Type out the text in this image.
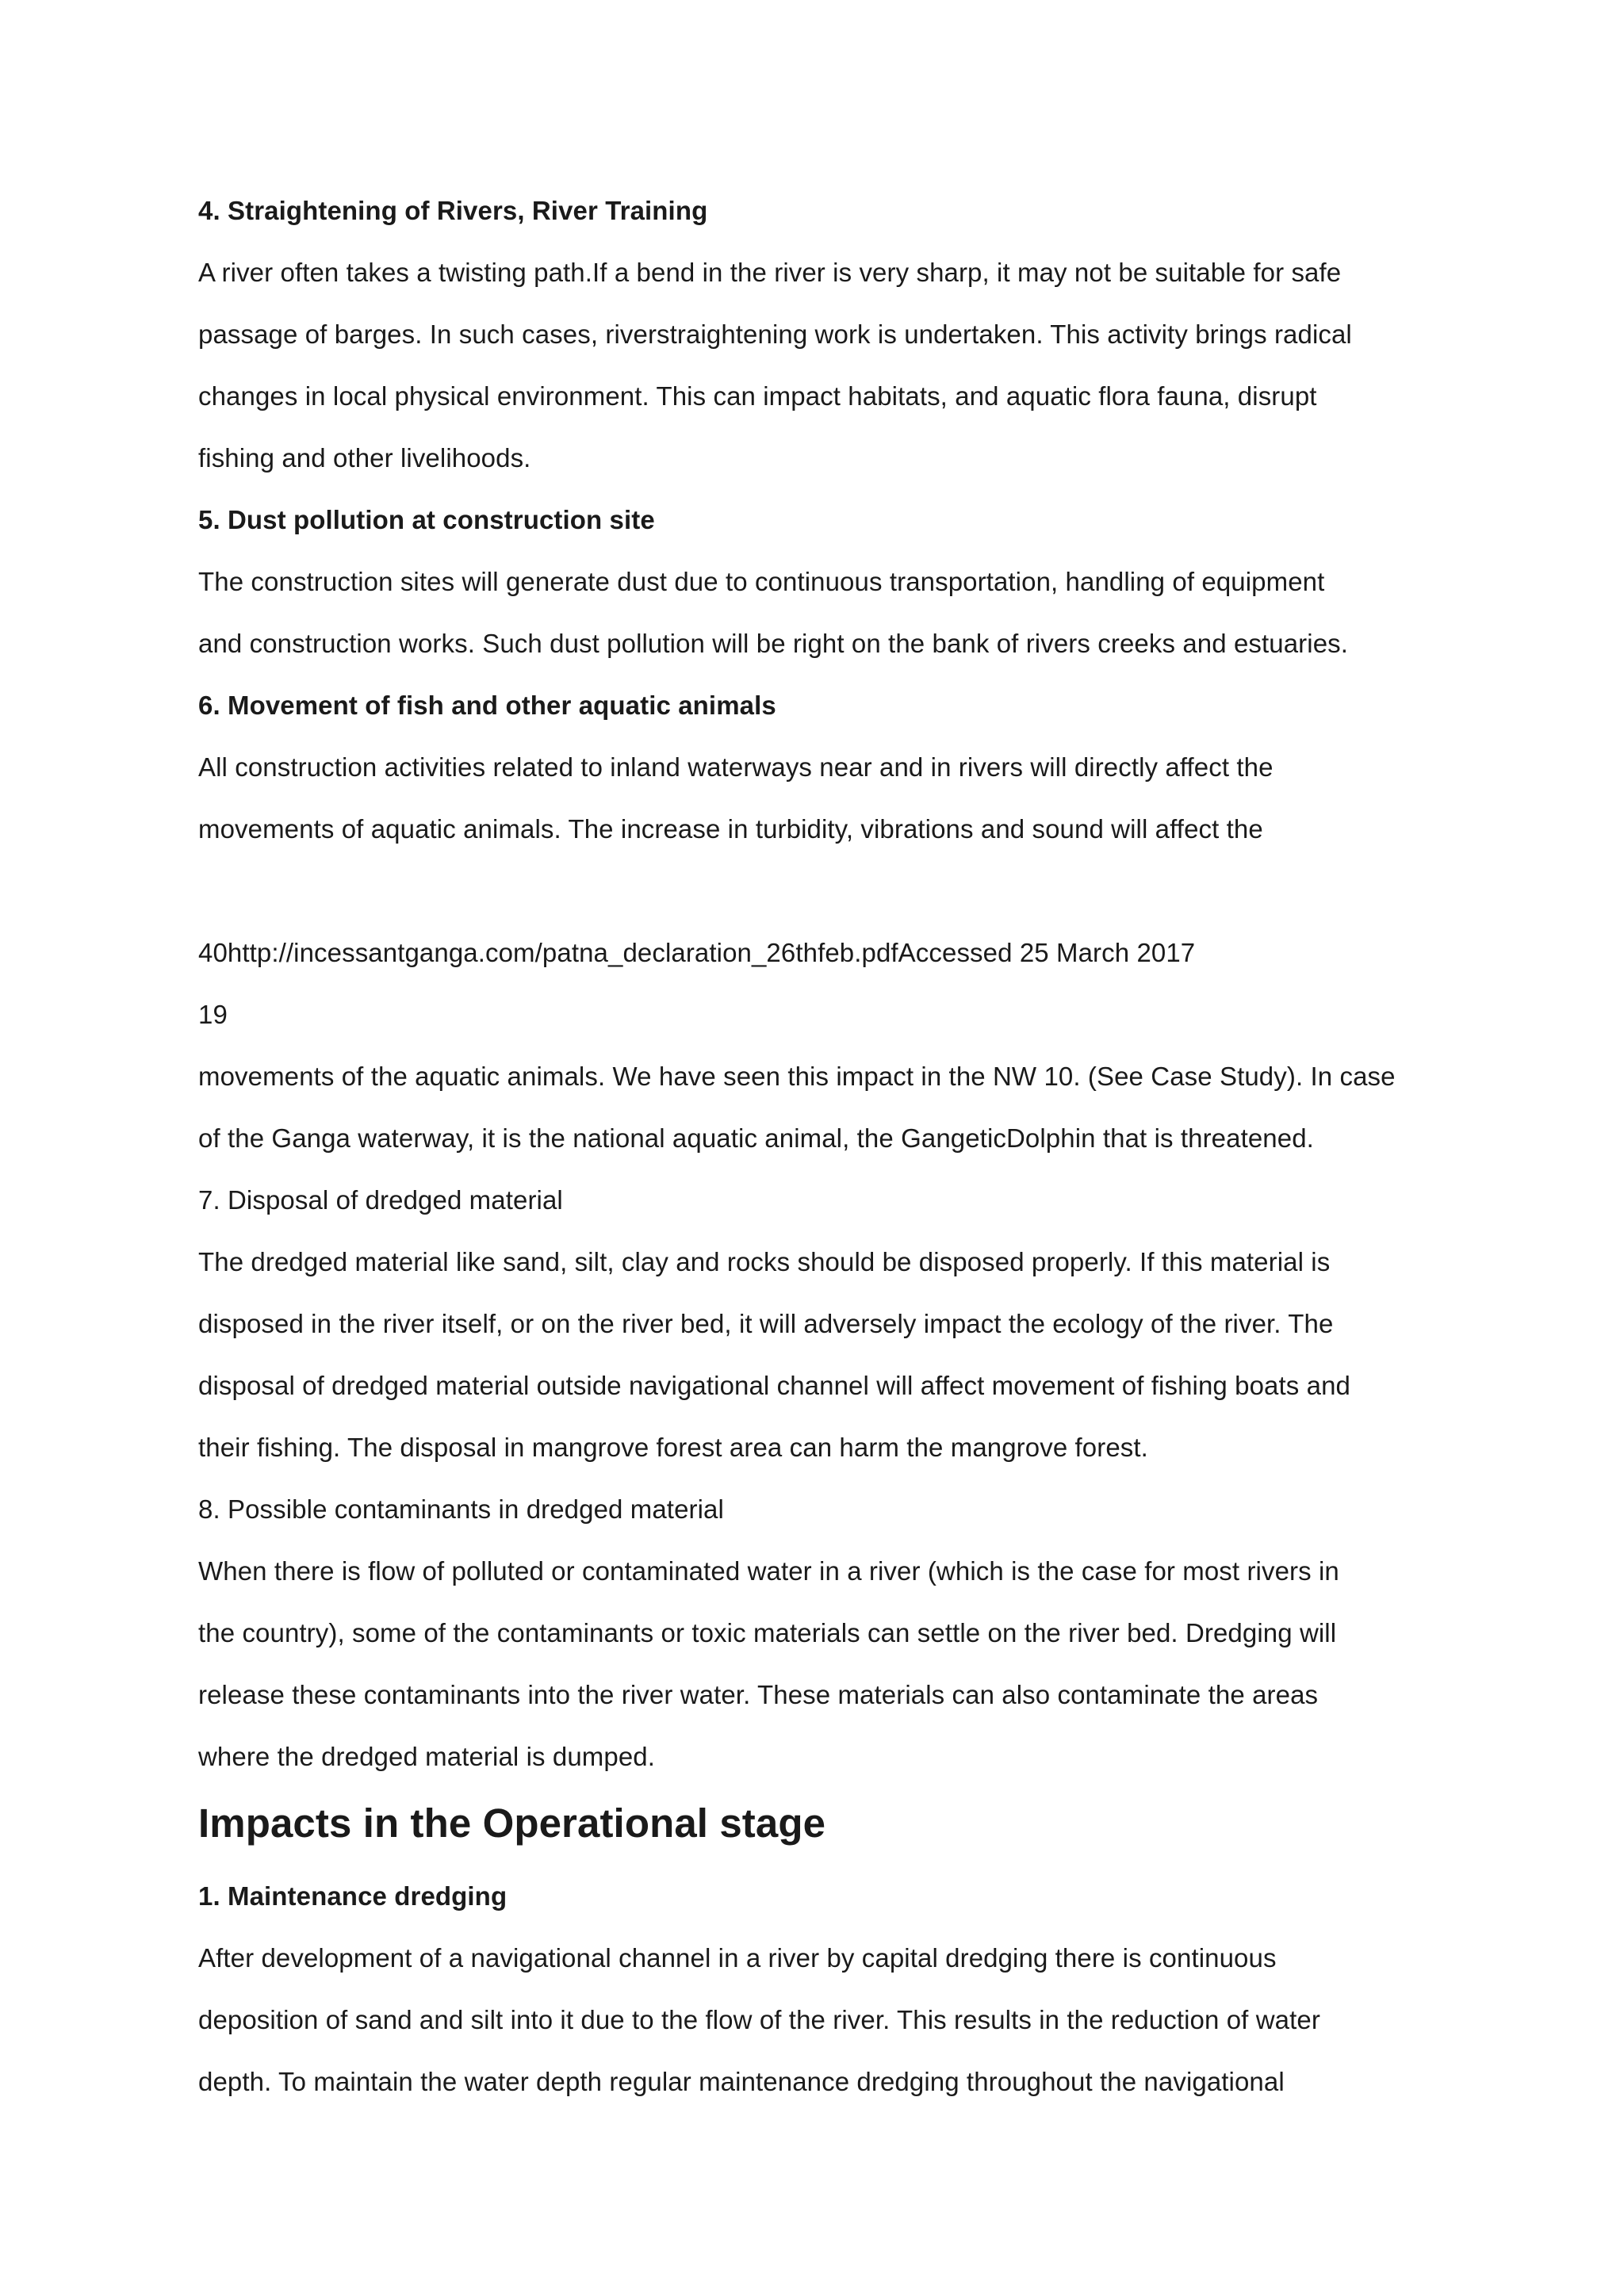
4. Straightening of Rivers, River Training
A river often takes a twisting path.If a bend in the river is very sharp, it may not be suitable for safe
passage of barges. In such cases, riverstraightening work is undertaken. This activity brings radical
changes in local physical environment. This can impact habitats, and aquatic flora fauna, disrupt
fishing and other livelihoods.
5. Dust pollution at construction site
The construction sites will generate dust due to continuous transportation, handling of equipment
and construction works. Such dust pollution will be right on the bank of rivers creeks and estuaries.
6. Movement of fish and other aquatic animals
All construction activities related to inland waterways near and in rivers will directly affect the
movements of aquatic animals. The increase in turbidity, vibrations and sound will affect the
40http://incessantganga.com/patna_declaration_26thfeb.pdfAccessed 25 March 2017
19
movements of the aquatic animals. We have seen this impact in the NW 10. (See Case Study). In case
of the Ganga waterway, it is the national aquatic animal, the GangeticDolphin that is threatened.
7. Disposal of dredged material
The dredged material like sand, silt, clay and rocks should be disposed properly. If this material is
disposed in the river itself, or on the river bed, it will adversely impact the ecology of the river. The
disposal of dredged material outside navigational channel will affect movement of fishing boats and
their fishing. The disposal in mangrove forest area can harm the mangrove forest.
8. Possible contaminants in dredged material
When there is flow of polluted or contaminated water in a river (which is the case for most rivers in
the country), some of the contaminants or toxic materials can settle on the river bed. Dredging will
release these contaminants into the river water. These materials can also contaminate the areas
where the dredged material is dumped.
Impacts in the Operational stage
1. Maintenance dredging
After development of a navigational channel in a river by capital dredging there is continuous
deposition of sand and silt into it due to the flow of the river. This results in the reduction of water
depth. To maintain the water depth regular maintenance dredging throughout the navigational
